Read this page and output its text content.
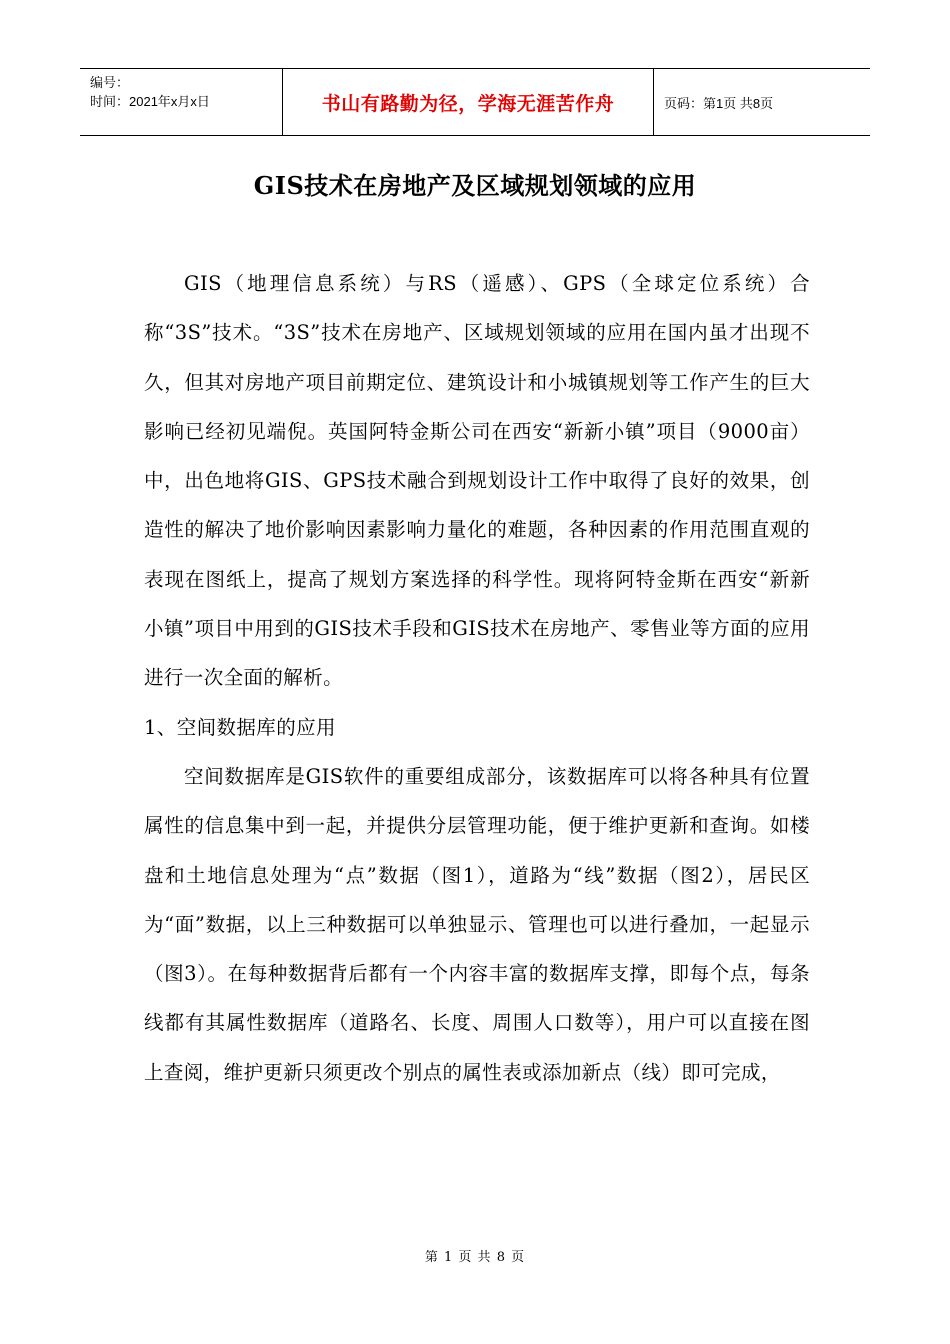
编号：
时间：2021年x月x日	书山有路勤为径，学海无涯苦作舟	页码：第1页 共8页
GIS技术在房地产及区域规划领域的应用

GIS（地理信息系统）与RS（遥感）、GPS（全球定位系统）合称“3S”技术。“3S”技术在房地产、区域规划领域的应用在国内虽才出现不久，但其对房地产项目前期定位、建筑设计和小城镇规划等工作产生的巨大影响已经初见端倪。英国阿特金斯公司在西安“新新小镇”项目（9000亩）中，出色地将GIS、GPS技术融合到规划设计工作中取得了良好的效果，创造性的解决了地价影响因素影响力量化的难题，各种因素的作用范围直观的表现在图纸上，提高了规划方案选择的科学性。现将阿特金斯在西安“新新小镇”项目中用到的GIS技术手段和GIS技术在房地产、零售业等方面的应用进行一次全面的解析。

1、空间数据库的应用

空间数据库是GIS软件的重要组成部分，该数据库可以将各种具有位置属性的信息集中到一起，并提供分层管理功能，便于维护更新和查询。如楼盘和土地信息处理为“点”数据（图1），道路为“线”数据（图2），居民区为“面”数据，以上三种数据可以单独显示、管理也可以进行叠加，一起显示（图3）。在每种数据背后都有一个内容丰富的数据库支撑，即每个点，每条线都有其属性数据库（道路名、长度、周围人口数等），用户可以直接在图上查阅，维护更新只须更改个别点的属性表或添加新点（线）即可完成，

第 1 页 共 8 页
